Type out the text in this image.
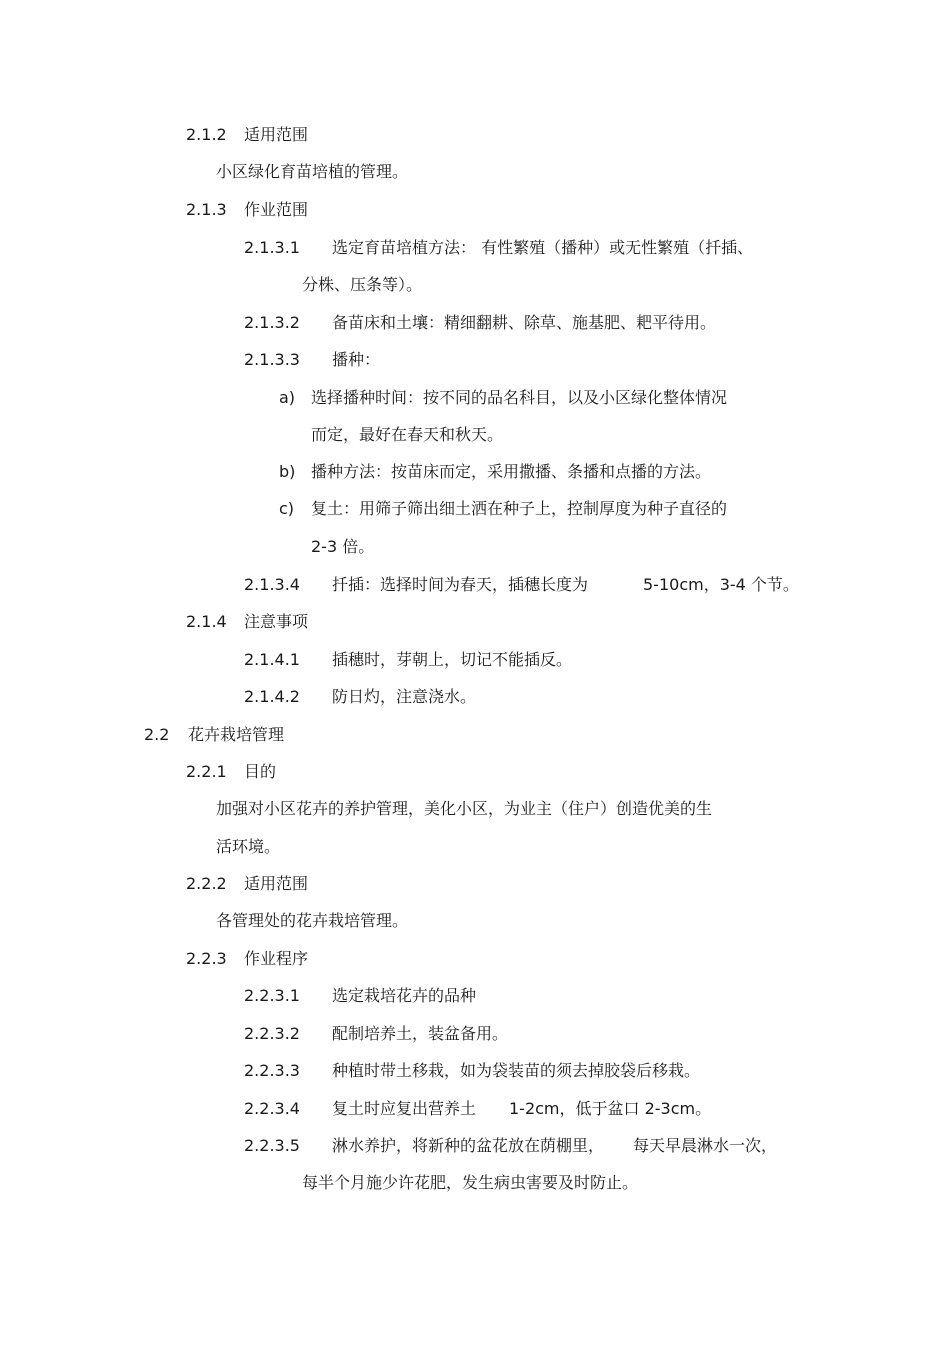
2.1.2 适用范围
小区绿化育苗培植的管理。
2.1.3 作业范围
2.1.3.1 选定育苗培植方法： 有性繁殖（播种）或无性繁殖（扦插、
分株、压条等）。
2.1.3.2 备苗床和土壤：精细翻耕、除草、施基肥、耙平待用。
2.1.3.3 播种：
a) 选择播种时间：按不同的品名科目，以及小区绿化整体情况
而定，最好在春天和秋天。
b) 播种方法：按苗床而定，采用撒播、条播和点播的方法。
c) 复土：用筛子筛出细土洒在种子上，控制厚度为种子直径的
2-3 倍。
2.1.3.4 扦插：选择时间为春天，插穗长度为	5-10cm，3-4 个节。
2.1.4 注意事项
2.1.4.1 插穗时，芽朝上，切记不能插反。
2.1.4.2 防日灼，注意浇水。
2.2 花卉栽培管理
2.2.1 目的
加强对小区花卉的养护管理，美化小区，为业主（住户）创造优美的生
活环境。
2.2.2 适用范围
各管理处的花卉栽培管理。
2.2.3 作业程序
2.2.3.1 选定栽培花卉的品种
2.2.3.2 配制培养土，装盆备用。
2.2.3.3 种植时带土移栽，如为袋装苗的须去掉胶袋后移栽。
2.2.3.4 复土时应复出营养土 1-2cm，低于盆口 2-3cm。
2.2.3.5 淋水养护，将新种的盆花放在荫棚里， 每天早晨淋水一次，
每半个月施少许花肥，发生病虫害要及时防止。
